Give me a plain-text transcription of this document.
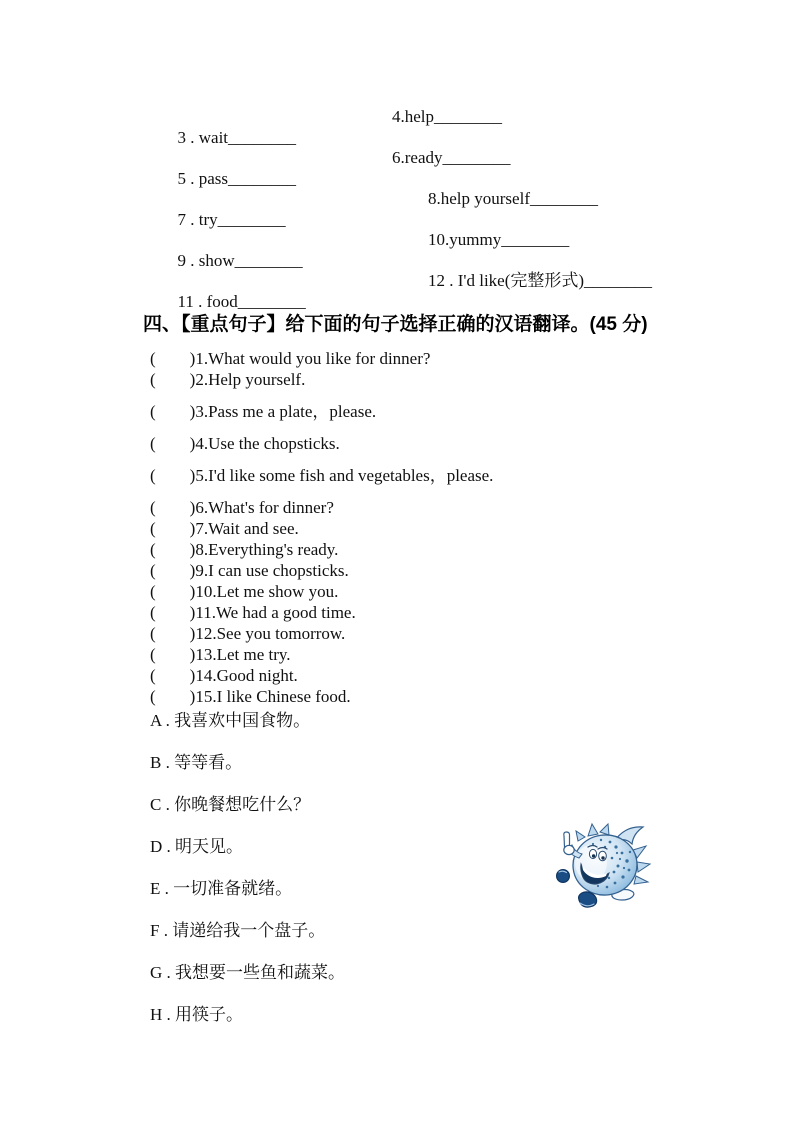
3 . wait________

4.help________

5 . pass________

6.ready________

7 . try________

8.help yourself________

9 . show________

10.yummy________

11 . food________

12 . I'd like(完整形式)________

四、【重点句子】给下面的句子选择正确的汉语翻译。(45 分)
(        )1.What would you like for dinner?
(        )2.Help yourself.
(        )3.Pass me a plate，please.
(        )4.Use the chopsticks.
(        )5.I'd like some fish and vegetables，please.
(        )6.What's for dinner?
(        )7.Wait and see.
(        )8.Everything's ready.
(        )9.I can use chopsticks.
(        )10.Let me show you.
(        )11.We had a good time.
(        )12.See you tomorrow.
(        )13.Let me try.
(        )14.Good night.
(        )15.I like Chinese food.
A . 我喜欢中国食物。
B . 等等看。
C . 你晚餐想吃什么？
D . 明天见。
E . 一切准备就绪。
F . 请递给我一个盘子。
G . 我想要一些鱼和蔬菜。
H . 用筷子。
